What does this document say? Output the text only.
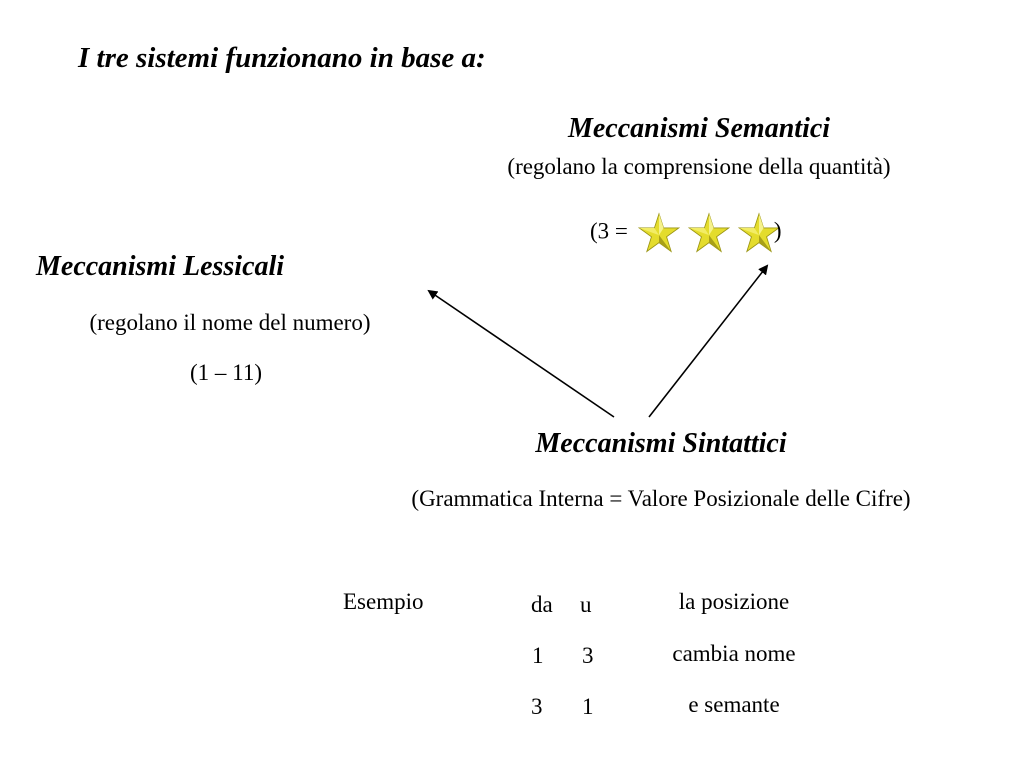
I tre sistemi funzionano in base a:
Meccanismi Semantici
(regolano la comprensione della quantità)
(3 =	)
Meccanismi Lessicali
(regolano il nome del numero)
(1 – 11)
Meccanismi Sintattici
(Grammatica Interna = Valore Posizionale delle Cifre)
Esempio	da u
1 3
3 1
la posizione
cambia nome
e semante
